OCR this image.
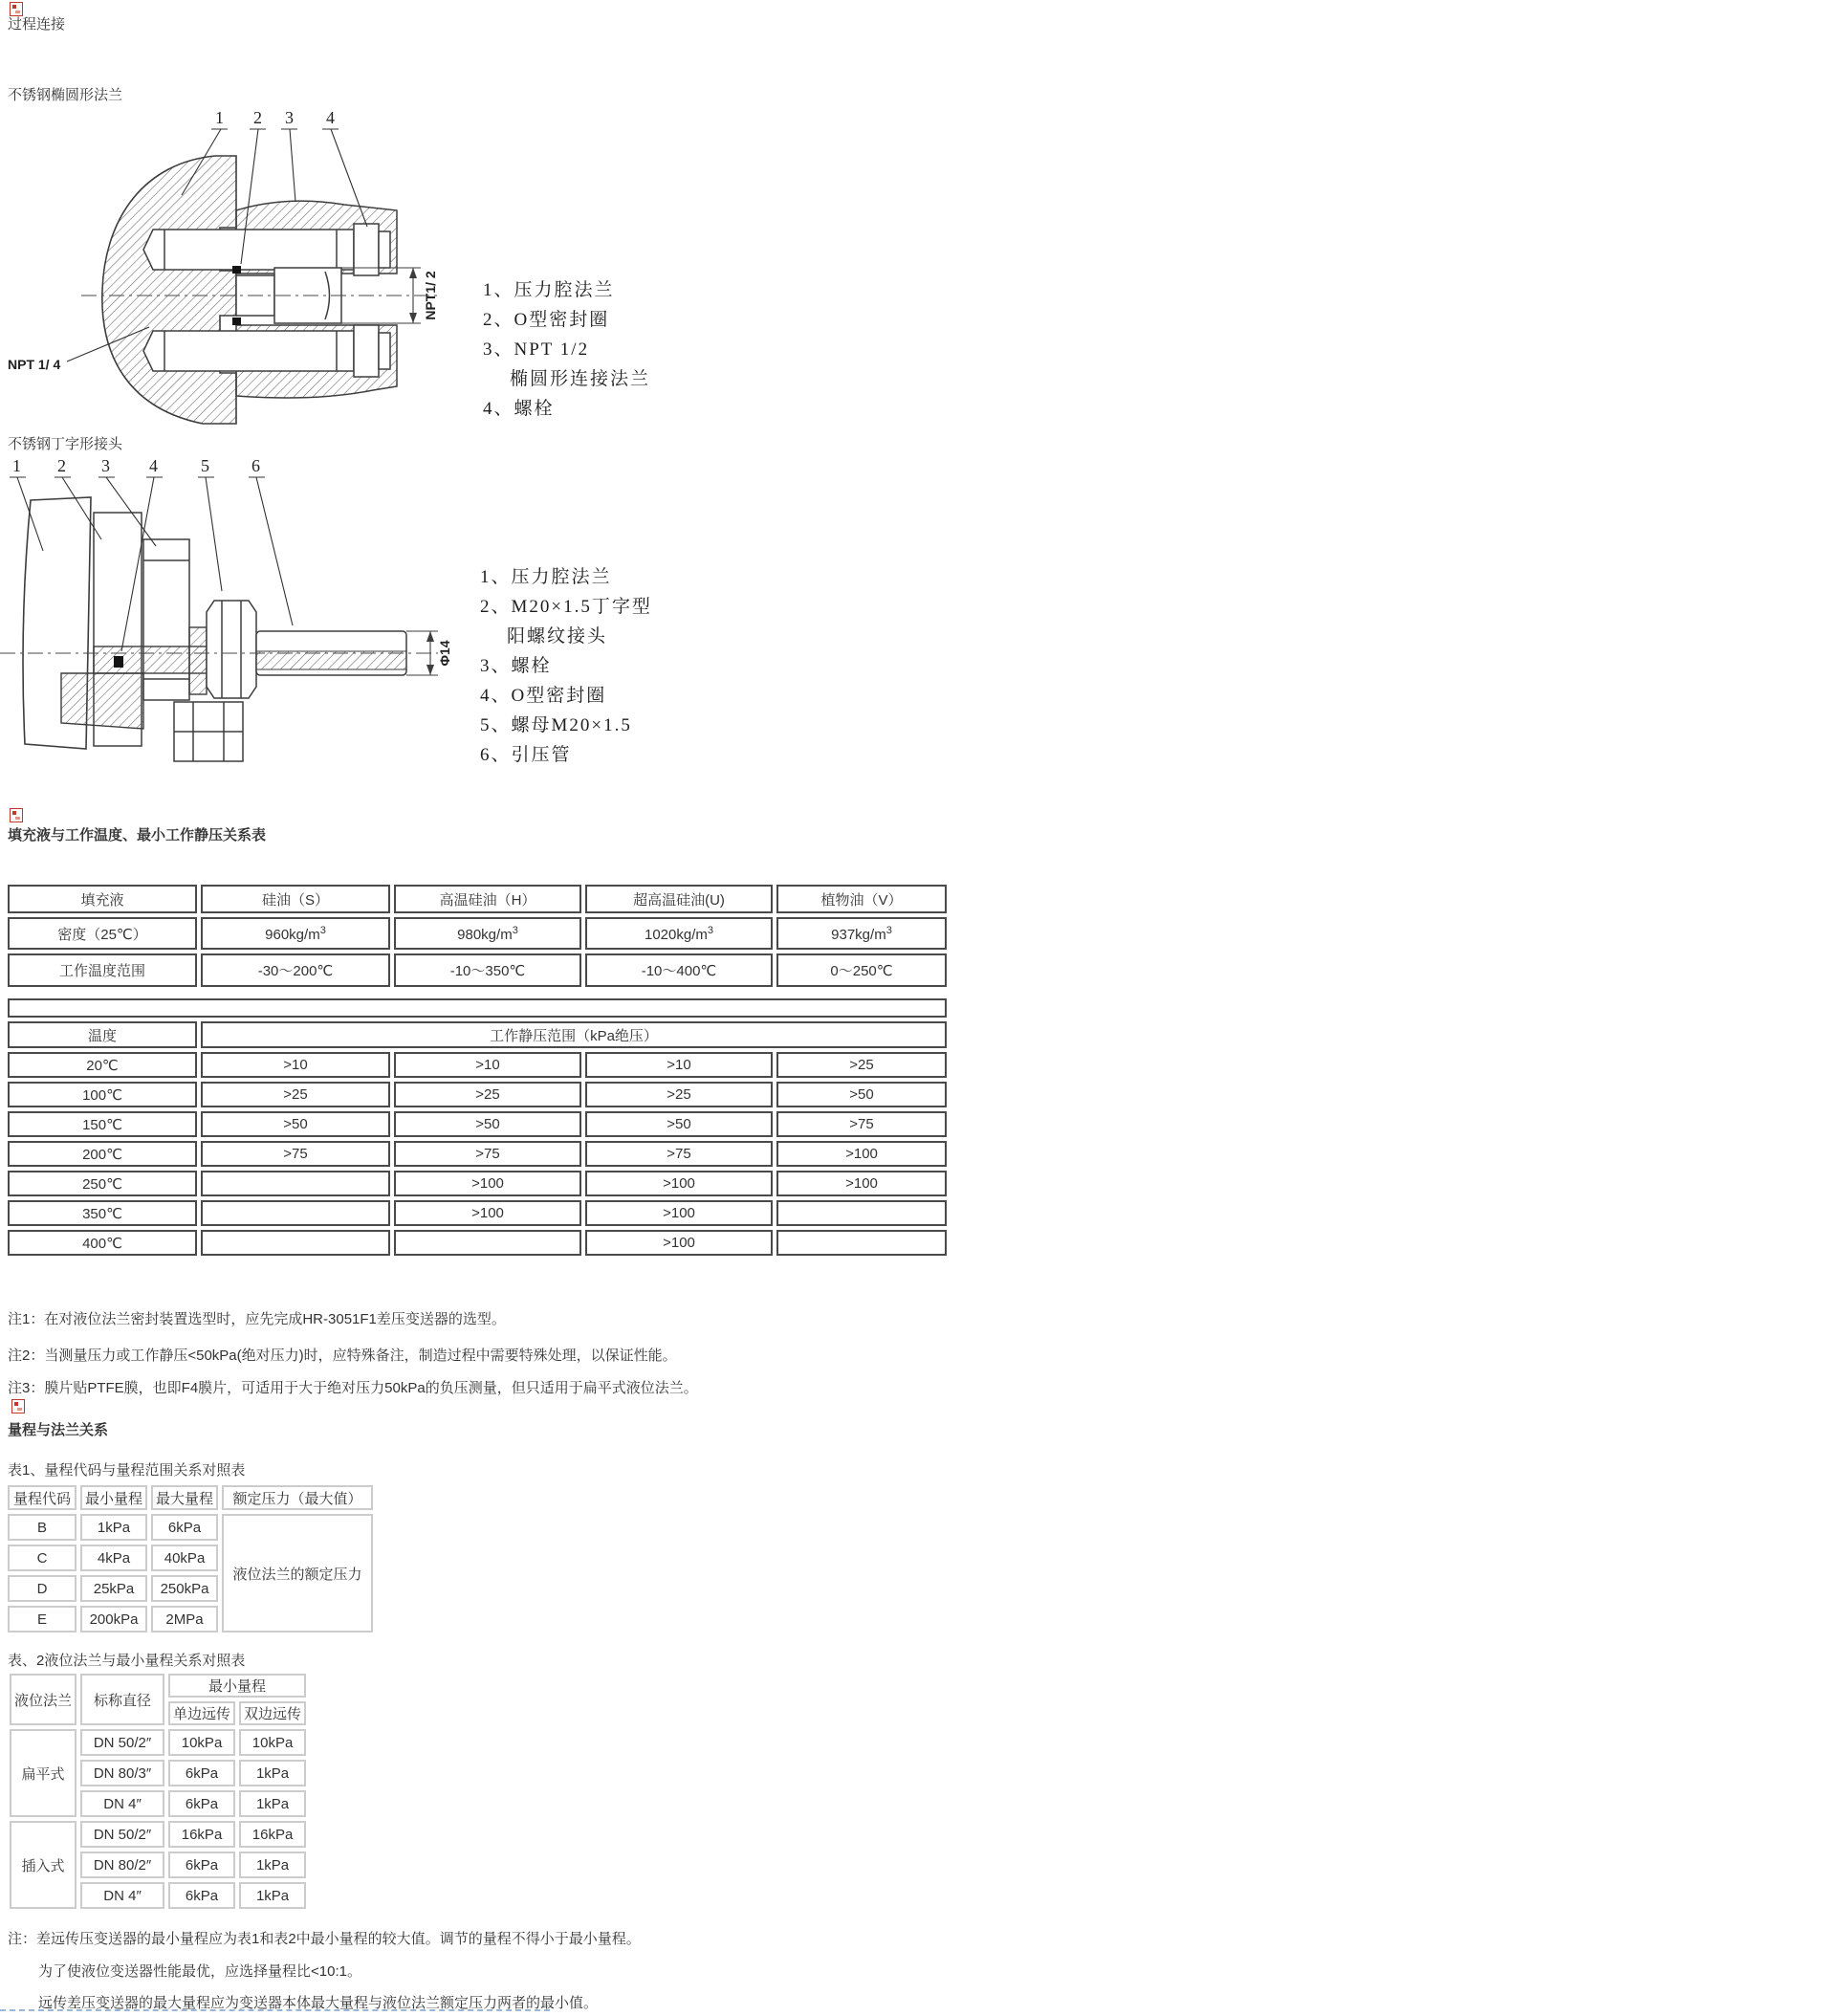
过程连接
不锈钢椭圆形法兰
NPT1/ 2
1 2 3 4
NPT 1/ 4
1、压力腔法兰
2、O型密封圈
3、NPT 1/2
椭圆形连接法兰
4、螺栓
不锈钢丁字形接头
Φ14
1 2 3 4	5 6
1、压力腔法兰
2、M20×1.5丁字型
阳螺纹接头
3、螺栓
4、O型密封圈
5、螺母M20×1.5
6、引压管
填充液与工作温度、最小工作静压关系表
填充液	硅油（S）	高温硅油（H）	超高温硅油(U)	植物油（V）
密度（25℃）	$960kg/m^3$	$980kg/m^3$	$1020kg/m^3$	$937kg/m^3$
工作温度范围	-30～200℃	-10～350℃	-10～400℃	0～250℃

温度	工作静压范围（kPa绝压）			
20℃	>10	>10	>10	>25
100℃	>25	>25	>25	>50
150℃	>50	>50	>50	>75
200℃	>75	>75	>75	>100
250℃		>100	>100	>100
350℃		>100	>100	
400℃			>100	
注1：在对液位法兰密封装置选型时，应先完成HR-3051F1差压变送器的选型。
注2：当测量压力或工作静压<50kPa(绝对压力)时，应特殊备注，制造过程中需要特殊处理，以保证性能。
注3：膜片贴PTFE膜，也即F4膜片，可适用于大于绝对压力50kPa的负压测量，但只适用于扁平式液位法兰。
量程与法兰关系
表1、量程代码与量程范围关系对照表
量程代码	最小量程	最大量程	额定压力（最大值）
B	1kPa	6kPa	液位法兰的额定压力
C	4kPa	40kPa	
D	25kPa	250kPa	
E	200kPa	2MPa	
表、2液位法兰与最小量程关系对照表
液位法兰	标称直径	最小量程	
		单边远传	双边远传
扁平式	DN 50/2″	10kPa	10kPa
	DN 80/3″	6kPa	1kPa
	DN 4″	6kPa	1kPa
插入式	DN 50/2″	16kPa	16kPa
	DN 80/2″	6kPa	1kPa
	DN 4″	6kPa	1kPa
注：差远传压变送器的最小量程应为表1和表2中最小量程的较大值。调节的量程不得小于最小量程。
为了使液位变送器性能最优，应选择量程比<10:1。
远传差压变送器的最大量程应为变送器本体最大量程与液位法兰额定压力两者的最小值。
